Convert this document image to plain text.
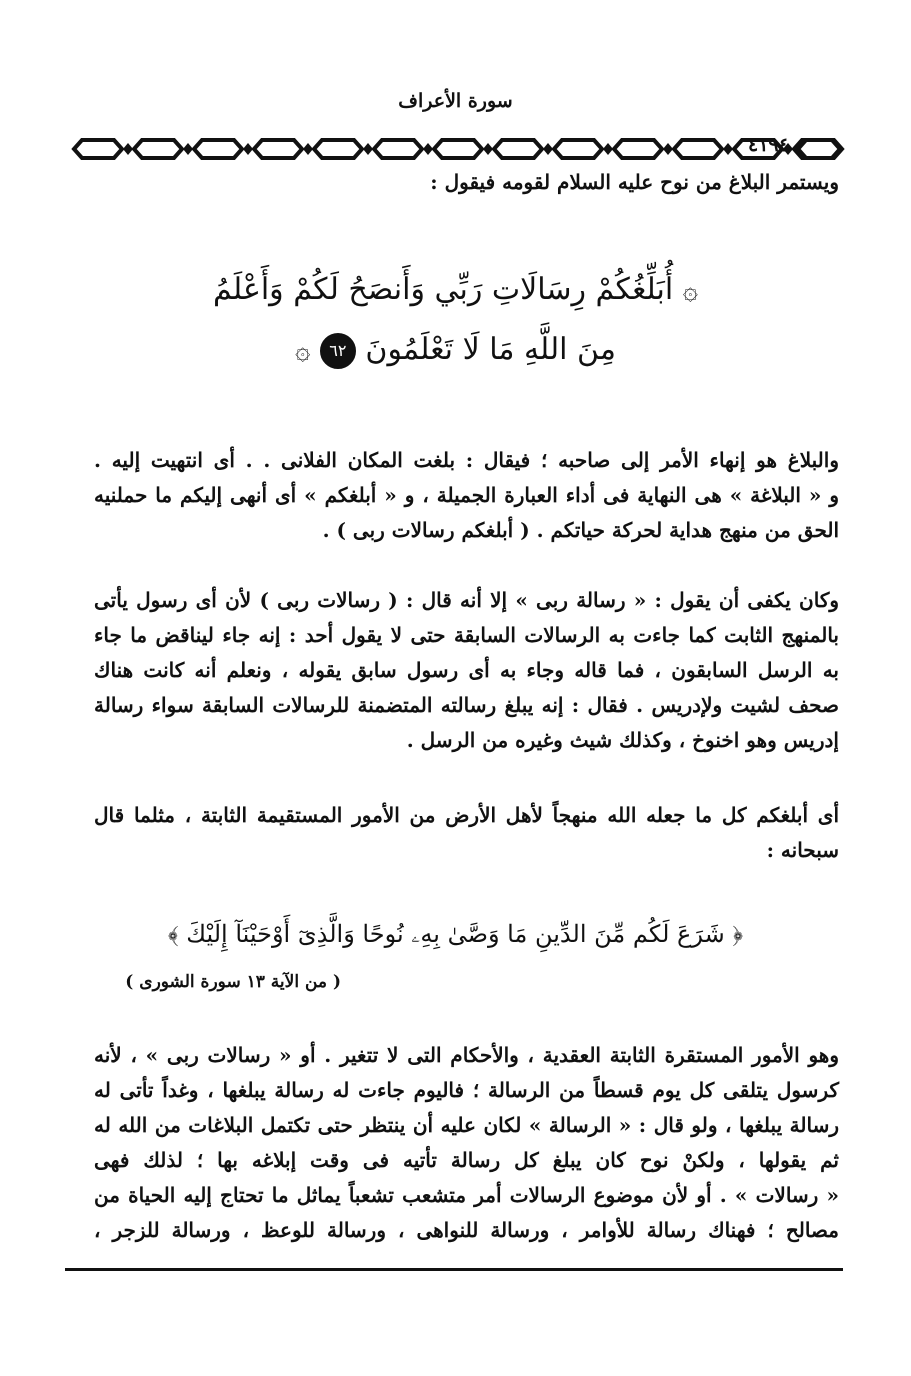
سورة الأعراف
٤١٩٤
ويستمر البلاغ من نوح عليه السلام لقومه فيقول :
۞ أُبَلِّغُكُمْ رِسَالَاتِ رَبِّي وَأَنصَحُ لَكُمْ وَأَعْلَمُ
مِنَ اللَّهِ مَا لَا تَعْلَمُونَ ٦٢ ۞
والبلاغ هو إنهاء الأمر إلى صاحبه ؛ فيقال : بلغت المكان الفلانى . . أى انتهيت إليه .
و « البلاغة » هى النهاية فى أداء العبارة الجميلة ، و « أبلغكم » أى أنهى إليكم ما حملنيه
الحق من منهج هداية لحركة حياتكم . ( أبلغكم رسالات ربى ) .
وكان يكفى أن يقول : « رسالة ربى » إلا أنه قال : ( رسالات ربى ) لأن أى رسول يأتى
بالمنهج الثابت كما جاءت به الرسالات السابقة حتى لا يقول أحد : إنه جاء ليناقض ما جاء
به الرسل السابقون ، فما قاله وجاء به أى رسول سابق يقوله ، ونعلم أنه كانت هناك
صحف لشيت ولإدريس . فقال : إنه يبلغ رسالته المتضمنة للرسالات السابقة سواء رسالة
إدريس وهو اخنوخ ، وكذلك شيث وغيره من الرسل .
أى أبلغكم كل ما جعله الله منهجاً لأهل الأرض من الأمور المستقيمة الثابتة ، مثلما قال
سبحانه :
وهو الأمور المستقرة الثابتة العقدية ، والأحكام التى لا تتغير . أو « رسالات ربى » ، لأنه
كرسول يتلقى كل يوم قسطاً من الرسالة ؛ فاليوم جاءت له رسالة يبلغها ، وغداً تأتى له
رسالة يبلغها ، ولو قال : « الرسالة » لكان عليه أن ينتظر حتى تكتمل البلاغات من الله له
ثم يقولها ، ولكنْ نوح كان يبلغ كل رسالة تأتيه فى وقت إبلاغه بها ؛ لذلك فهى
« رسالات » . أو لأن موضوع الرسالات أمر متشعب تشعباً يماثل ما تحتاج إليه الحياة من
مصالح ؛ فهناك رسالة للأوامر ، ورسالة للنواهى ، ورسالة للوعظ ، ورسالة للزجر ،
﴿ شَرَعَ لَكُم مِّنَ الدِّينِ مَا وَصَّىٰ بِهِۦ نُوحًا وَالَّذِىٓ أَوْحَيْنَآ إِلَيْكَ ﴾
( من الآية ١٣ سورة الشورى )
